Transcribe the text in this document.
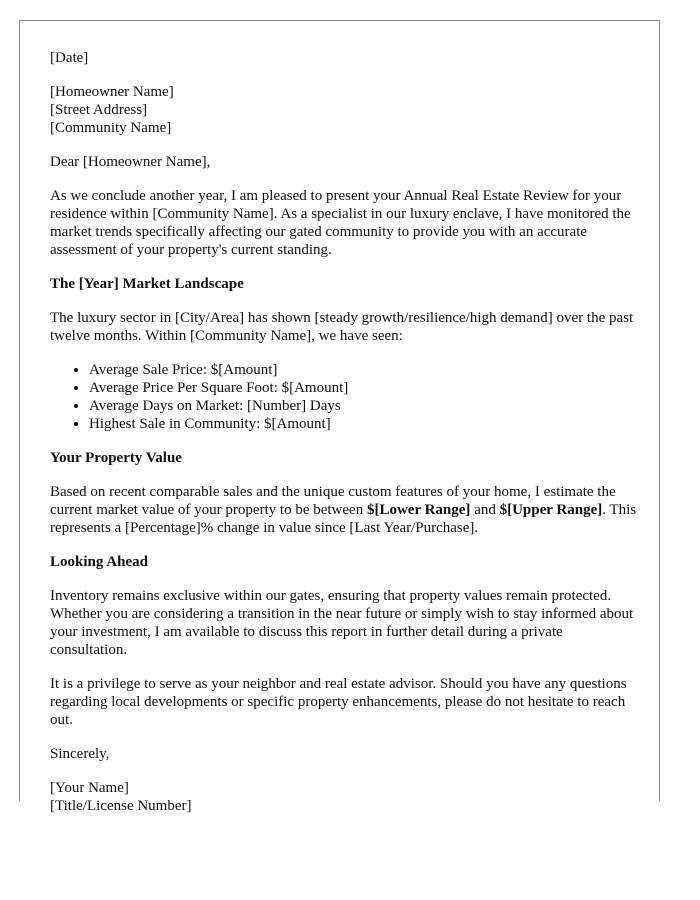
[Date]

[Homeowner Name]
[Street Address]
[Community Name]

Dear [Homeowner Name],

As we conclude another year, I am pleased to present your Annual Real Estate Review for your residence within [Community Name]. As a specialist in our luxury enclave, I have monitored the market trends specifically affecting our gated community to provide you with an accurate assessment of your property's current standing.

The [Year] Market Landscape

The luxury sector in [City/Area] has shown [steady growth/resilience/high demand] over the past twelve months. Within [Community Name], we have seen:

• Average Sale Price: $[Amount]
• Average Price Per Square Foot: $[Amount]
• Average Days on Market: [Number] Days
• Highest Sale in Community: $[Amount]
Your Property Value

Based on recent comparable sales and the unique custom features of your home, I estimate the current market value of your property to be between $[Lower Range] and $[Upper Range]. This represents a [Percentage]% change in value since [Last Year/Purchase].

Looking Ahead

Inventory remains exclusive within our gates, ensuring that property values remain protected. Whether you are considering a transition in the near future or simply wish to stay informed about your investment, I am available to discuss this report in further detail during a private consultation.

It is a privilege to serve as your neighbor and real estate advisor. Should you have any questions regarding local developments or specific property enhancements, please do not hesitate to reach out.

Sincerely,

[Your Name]
[Title/License Number]
